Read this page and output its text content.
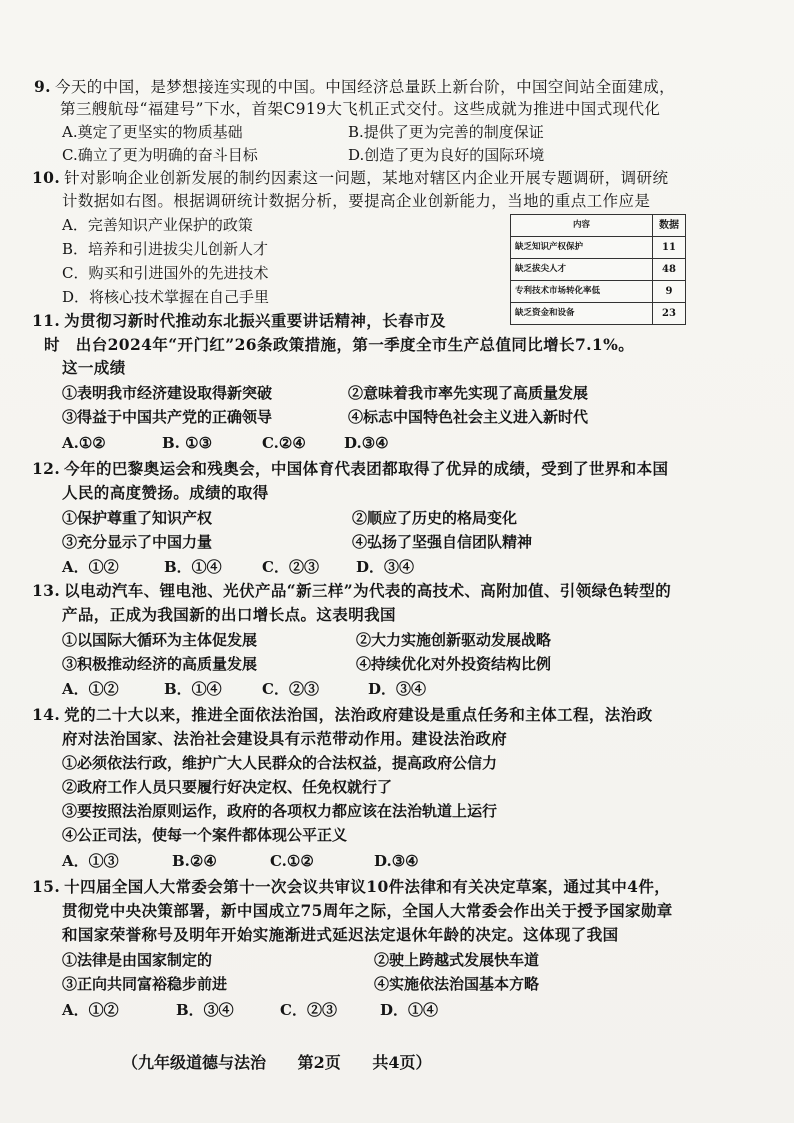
9. 今天的中国，是梦想接连实现的中国。中国经济总量跃上新台阶，中国空间站全面建成，
第三艘航母“福建号”下水，首架C919大飞机正式交付。这些成就为推进中国式现代化
A.奠定了更坚实的物质基础	B.提供了更为完善的制度保证
C.确立了更为明确的奋斗目标	D.创造了更为良好的国际环境
10. 针对影响企业创新发展的制约因素这一问题，某地对辖区内企业开展专题调研，调研统
计数据如右图。根据调研统计数据分析，要提高企业创新能力，当地的重点工作应是
A．完善知识产业保护的政策
B．培养和引进拔尖儿创新人才
C．购买和引进国外的先进技术
D．将核心技术掌握在自己手里
内容	数据
缺乏知识产权保护	11
缺乏拔尖人才	48
专利技术市场转化率低	9
缺乏资金和设备	23
11. 为贯彻习新时代推动东北振兴重要讲话精神，长春市及
时　出台2024年“开门红”26条政策措施，第一季度全市生产总值同比增长7.1%。
这一成绩
①表明我市经济建设取得新突破	②意味着我市率先实现了高质量发展
③得益于中国共产党的正确领导	④标志中国特色社会主义进入新时代
A.①②	B. ①③	C.②④	D.③④
12. 今年的巴黎奥运会和残奥会，中国体育代表团都取得了优异的成绩，受到了世界和本国
人民的高度赞扬。成绩的取得
①保护尊重了知识产权	②顺应了历史的格局变化
③充分显示了中国力量	④弘扬了坚强自信团队精神
A．①②	B．①④	C．②③ D．③④
13. 以电动汽车、锂电池、光伏产品“新三样”为代表的高技术、高附加值、引领绿色转型的
产品，正成为我国新的出口增长点。这表明我国
①以国际大循环为主体促发展	②大力实施创新驱动发展战略
③积极推动经济的高质量发展	④持续优化对外投资结构比例
A．①②	B．①④	C．②③	D．③④
14. 党的二十大以来，推进全面依法治国，法治政府建设是重点任务和主体工程，法治政
府对法治国家、法治社会建设具有示范带动作用。建设法治政府
①必须依法行政，维护广大人民群众的合法权益，提高政府公信力
②政府工作人员只要履行好决定权、任免权就行了
③要按照法治原则运作，政府的各项权力都应该在法治轨道上运行
④公正司法，使每一个案件都体现公平正义
A．①③	B.②④	C.①②	D.③④
15. 十四届全国人大常委会第十一次会议共审议10件法律和有关决定草案，通过其中4件，
贯彻党中央决策部署，新中国成立75周年之际，全国人大常委会作出关于授予国家勋章
和国家荣誉称号及明年开始实施渐进式延迟法定退休年龄的决定。这体现了我国
①法律是由国家制定的	②驶上跨越式发展快车道
③正向共同富裕稳步前进	④实施依法治国基本方略
A．①②	B．③④	C．②③	D．①④
（九年级道德与法治 第2页 共4页）
